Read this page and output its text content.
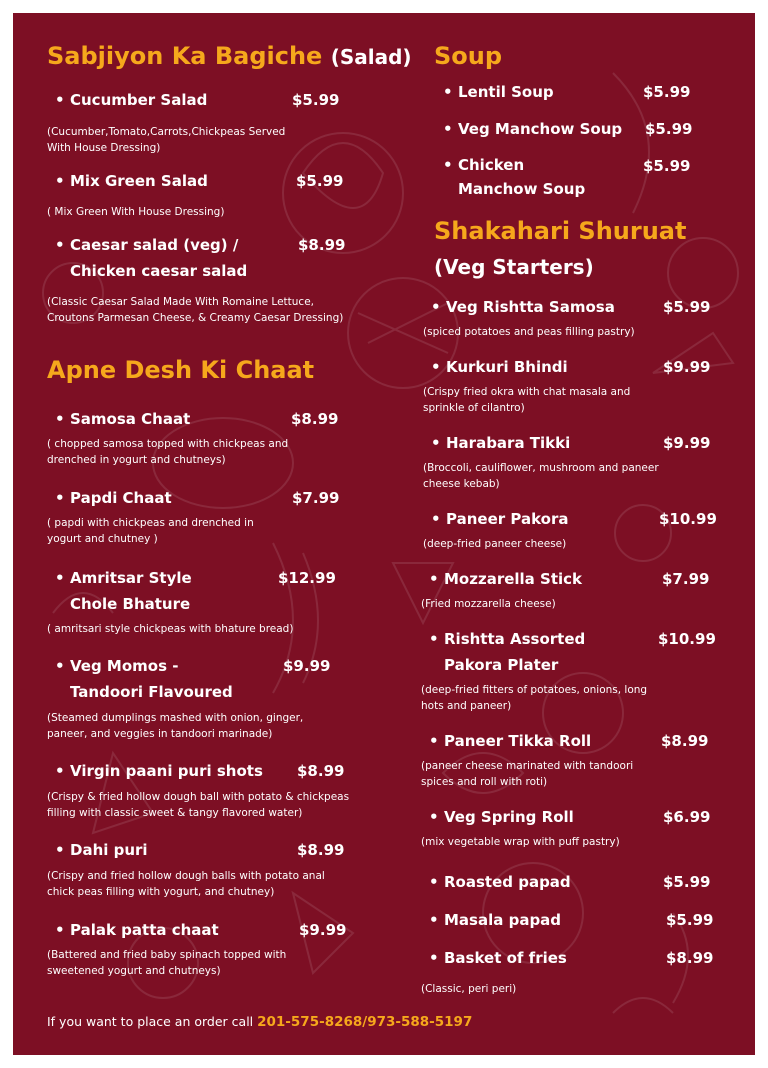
Sabjiyon Ka Bagiche (Salad)
• Cucumber Salad	$5.99
(Cucumber,Tomato,Carrots,Chickpeas Served With House Dressing)
• Mix Green Salad	$5.99
( Mix Green With House Dressing)
• Caesar salad (veg) /
Chicken caesar salad
$8.99
(Classic Caesar Salad Made With Romaine Lettuce, Croutons Parmesan Cheese, & Creamy Caesar Dressing)
Apne Desh Ki Chaat
• Samosa Chaat	$8.99
( chopped samosa topped with chickpeas and drenched in yogurt and chutneys)
• Papdi Chaat	$7.99
( papdi with chickpeas and drenched in yogurt and chutney )
• Amritsar Style
Chole Bhature
$12.99
( amritsari style chickpeas with bhature bread)
• Veg Momos -
Tandoori Flavoured
$9.99
(Steamed dumplings mashed with onion, ginger, paneer, and veggies in tandoori marinade)
• Virgin paani puri shots $8.99
(Crispy & fried hollow dough ball with potato & chickpeas filling with classic sweet & tangy flavored water)
• Dahi puri	$8.99
(Crispy and fried hollow dough balls with potato anal chick peas filling with yogurt, and chutney)
• Palak patta chaat	$9.99
(Battered and fried baby spinach topped with sweetened yogurt and chutneys)
Soup
• Lentil Soup	$5.99
• Veg Manchow Soup $5.99
• Chicken
Manchow Soup
$5.99
Shakahari Shuruat
(Veg Starters)
• Veg Rishtta Samosa	$5.99
(spiced potatoes and peas filling pastry)
• Kurkuri Bhindi	$9.99
(Crispy fried okra with chat masala and sprinkle of cilantro)
• Harabara Tikki	$9.99
(Broccoli, cauliflower, mushroom and paneer cheese kebab)
• Paneer Pakora	$10.99
(deep-fried paneer cheese)
• Mozzarella Stick	$7.99
(Fried mozzarella cheese)
• Rishtta Assorted
Pakora Plater
$10.99
(deep-fried fitters of potatoes, onions, long hots and paneer)
• Paneer Tikka Roll	$8.99
(paneer cheese marinated with tandoori spices and roll with roti)
• Veg Spring Roll	$6.99
(mix vegetable wrap with puff pastry)
• Roasted papad	$5.99
• Masala papad	$5.99
• Basket of fries	$8.99
(Classic, peri peri)
If you want to place an order call 201-575-8268/973-588-5197
